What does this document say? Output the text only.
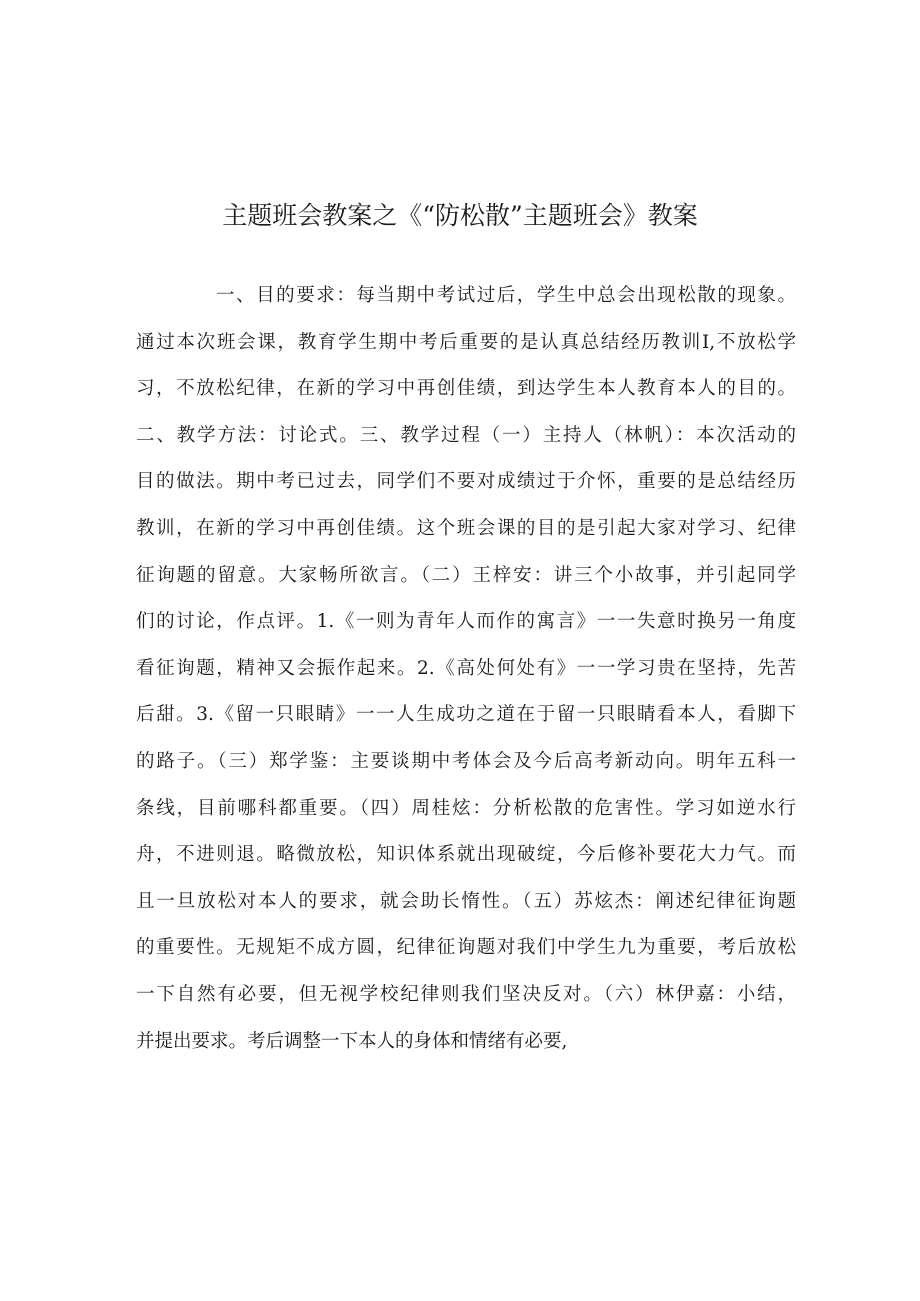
主题班会教案之《“防松散”主题班会》教案
一、目的要求：每当期中考试过后，学生中总会出现松散的现象。
通过本次班会课，教育学生期中考后重要的是认真总结经历教训I,不放松学
习，不放松纪律，在新的学习中再创佳绩，到达学生本人教育本人的目的。
二、教学方法：讨论式。三、教学过程（一）主持人（林帆）：本次活动的
目的做法。期中考已过去，同学们不要对成绩过于介怀，重要的是总结经历
教训，在新的学习中再创佳绩。这个班会课的目的是引起大家对学习、纪律
征询题的留意。大家畅所欲言。（二）王梓安：讲三个小故事，并引起同学
们的讨论，作点评。1.《一则为青年人而作的寓言》一一失意时换另一角度
看征询题，精神又会振作起来。2.《高处何处有》一一学习贵在坚持，先苦
后甜。3.《留一只眼睛》一一人生成功之道在于留一只眼睛看本人，看脚下
的路子。（三）郑学鉴：主要谈期中考体会及今后高考新动向。明年五科一
条线，目前哪科都重要。（四）周桂炫：分析松散的危害性。学习如逆水行
舟，不进则退。略微放松，知识体系就出现破绽，今后修补要花大力气。而
且一旦放松对本人的要求，就会助长惰性。（五）苏炫杰：阐述纪律征询题
的重要性。无规矩不成方圆，纪律征询题对我们中学生九为重要，考后放松
一下自然有必要，但无视学校纪律则我们坚决反对。（六）林伊嘉：小结，
并提出要求。考后调整一下本人的身体和情绪有必要,
